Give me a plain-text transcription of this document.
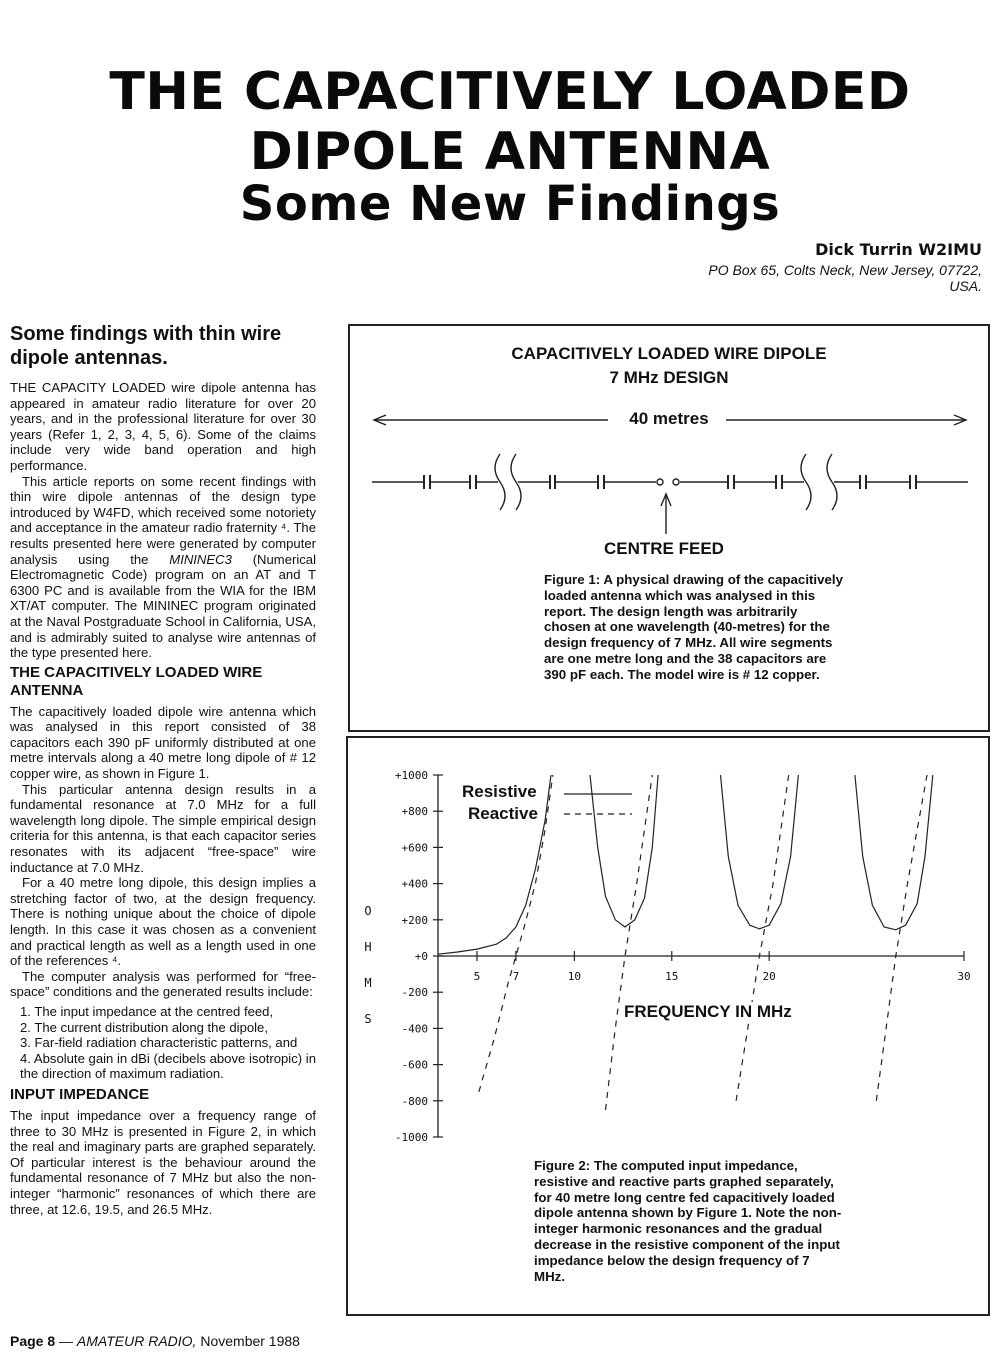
THE CAPACITIVELY LOADED
DIPOLE ANTENNA
Some New Findings
Dick Turrin W2IMU
PO Box 65, Colts Neck, New Jersey, 07722, USA.
Some findings with thin wire dipole antennas.

THE CAPACITY LOADED wire dipole antenna has appeared in amateur radio literature for over 20 years, and in the professional literature for over 30 years (Refer 1, 2, 3, 4, 5, 6). Some of the claims include very wide band operation and high performance.

This article reports on some recent findings with thin wire dipole antennas of the design type introduced by W4FD, which received some notoriety and acceptance in the amateur radio fraternity ⁴. The results presented here were generated by computer analysis using the MININEC3 (Numerical Electromagnetic Code) program on an AT and T 6300 PC and is available from the WIA for the IBM XT/AT computer. The MININEC program originated at the Naval Postgraduate School in California, USA, and is admirably suited to analyse wire antennas of the type presented here.

THE CAPACITIVELY LOADED WIRE ANTENNA

The capacitively loaded dipole wire antenna which was analysed in this report consisted of 38 capacitors each 390 pF uniformly distributed at one metre intervals along a 40 metre long dipole of # 12 copper wire, as shown in Figure 1.

This particular antenna design results in a fundamental resonance at 7.0 MHz for a full wavelength long dipole. The simple empirical design criteria for this antenna, is that each capacitor series resonates with its adjacent “free-space” wire inductance at 7.0 MHz.

For a 40 metre long dipole, this design implies a stretching factor of two, at the design frequency. There is nothing unique about the choice of dipole length. In this case it was chosen as a convenient and practical length as well as a length used in one of the references ⁴.

The computer analysis was performed for “free-space” conditions and the generated results include:

1. The input impedance at the centred feed,
2. The current distribution along the dipole,
3. Far-field radiation characteristic patterns, and
4. Absolute gain in dBi (decibels above isotropic) in the direction of maximum radiation.
INPUT IMPEDANCE

The input impedance over a frequency range of three to 30 MHz is presented in Figure 2, in which the real and imaginary parts are graphed separately. Of particular interest is the behaviour around the fundamental resonance of 7 MHz but also the non-integer “harmonic” resonances of which there are three, at 12.6, 19.5, and 26.5 MHz.

CAPACITIVELY LOADED WIRE DIPOLE
7 MHz DESIGN
40 metres
CENTRE FEED
Figure 1: A physical drawing of the capacitively loaded antenna which was analysed in this report. The design length was arbitrarily chosen at one wavelength (40-metres) for the design frequency of 7 MHz. All wire segments are one metre long and the 38 capacitors are 390 pF each. The model wire is # 12 copper.
+1000
+800
+600
+400
+200
+0
-200
-400
-600
-800
-1000
5	7	10	15	20	30
Resistive
Reactive
O
H
M
S	FREQUENCY IN MHz
Figure 2: The computed input impedance, resistive and reactive parts graphed separately, for 40 metre long centre fed capacitively loaded dipole antenna shown by Figure 1. Note the non-integer harmonic resonances and the gradual decrease in the resistive component of the input impedance below the design frequency of 7 MHz.
Page 8 — AMATEUR RADIO, November 1988
